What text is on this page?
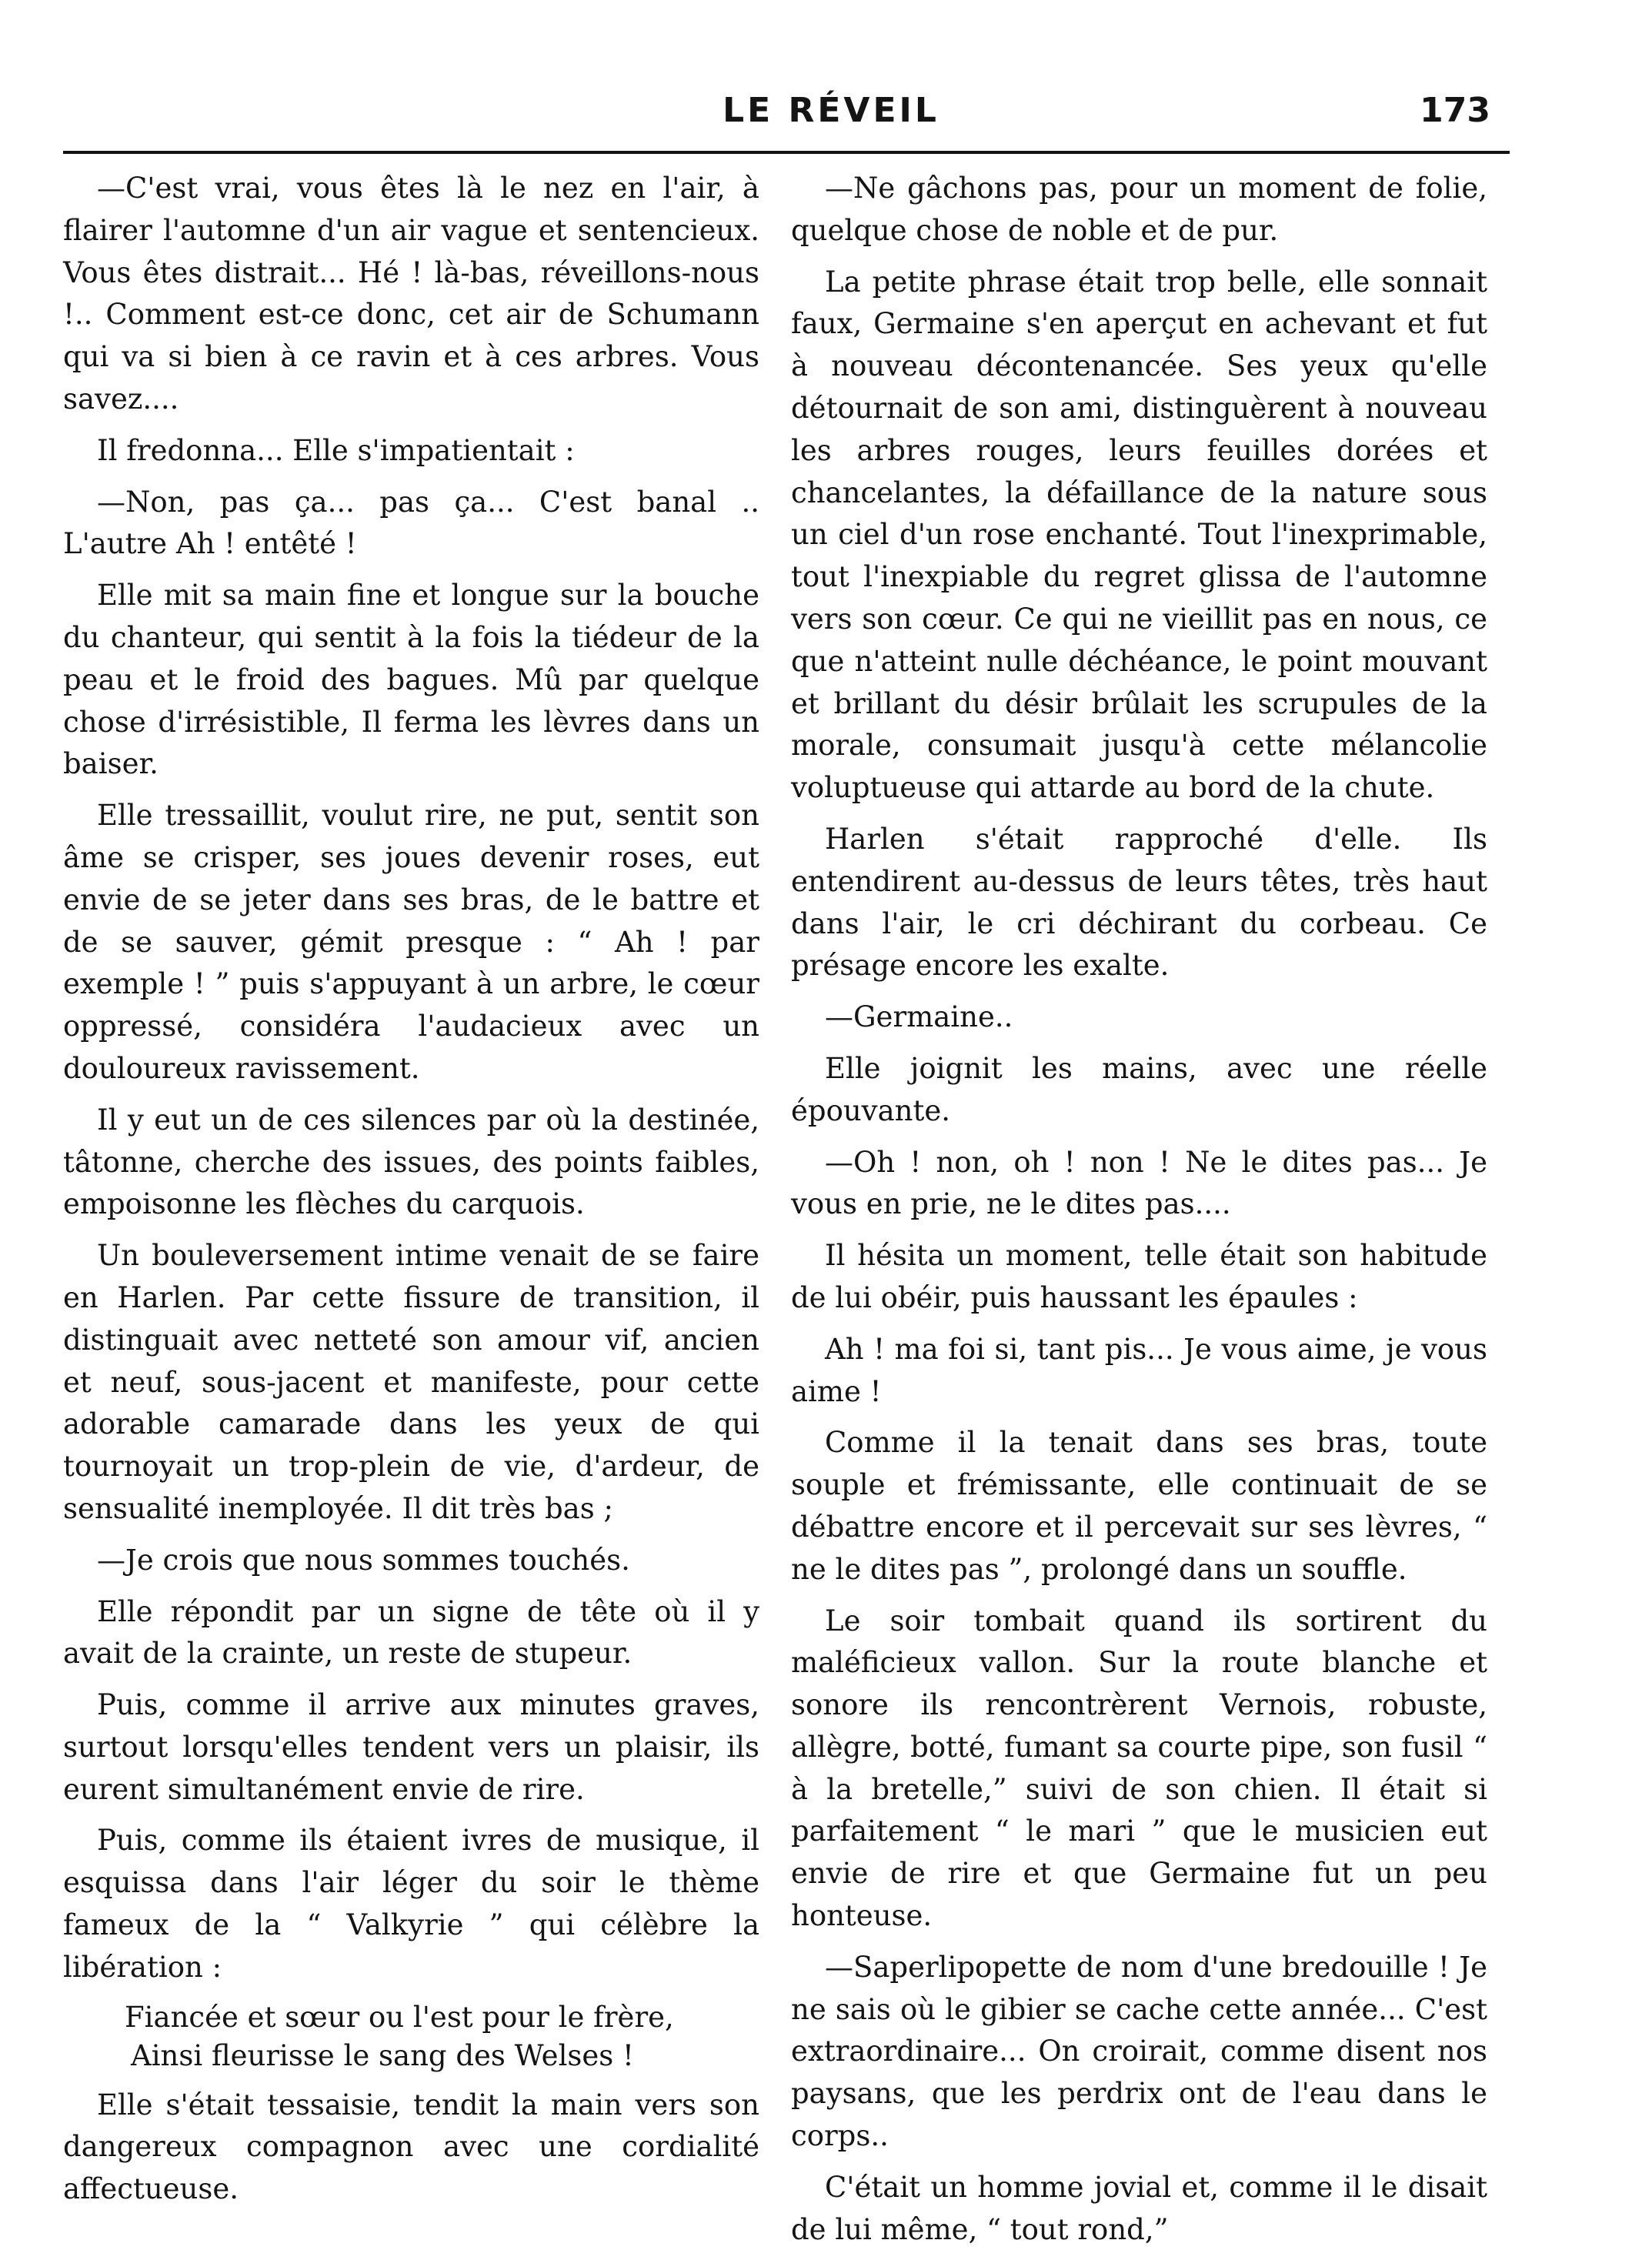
LE RÉVEIL	173

—C'est vrai, vous êtes là le nez en l'air, à flairer l'automne d'un air vague et sentencieux. Vous êtes distrait... Hé ! là-bas, réveillons-nous !.. Comment est-ce donc, cet air de Schumann qui va si bien à ce ravin et à ces arbres. Vous savez....

Il fredonna... Elle s'impatientait :

—Non, pas ça... pas ça... C'est banal .. L'autre Ah ! entêté !

Elle mit sa main fine et longue sur la bouche du chanteur, qui sentit à la fois la tiédeur de la peau et le froid des bagues. Mû par quelque chose d'irrésistible, Il ferma les lèvres dans un baiser.

Elle tressaillit, voulut rire, ne put, sentit son âme se crisper, ses joues devenir roses, eut envie de se jeter dans ses bras, de le battre et de se sauver, gémit presque : “ Ah ! par exemple ! ” puis s'appuyant à un arbre, le cœur oppressé, considéra l'audacieux avec un douloureux ravissement.

Il y eut un de ces silences par où la destinée, tâtonne, cherche des issues, des points faibles, empoisonne les flèches du carquois.

Un bouleversement intime venait de se faire en Harlen. Par cette fissure de transition, il distinguait avec netteté son amour vif, ancien et neuf, sous-jacent et manifeste, pour cette adorable camarade dans les yeux de qui tournoyait un trop-plein de vie, d'ardeur, de sensualité inemployée. Il dit très bas ;

—Je crois que nous sommes touchés.

Elle répondit par un signe de tête où il y avait de la crainte, un reste de stupeur.

Puis, comme il arrive aux minutes graves, surtout lorsqu'elles tendent vers un plaisir, ils eurent simultanément envie de rire.

Puis, comme ils étaient ivres de musique, il esquissa dans l'air léger du soir le thème fameux de la “ Valkyrie ” qui célèbre la libération :

Fiancée et sœur ou l'est pour le frère,
Ainsi fleurisse le sang des Welses !

Elle s'était tessaisie, tendit la main vers son dangereux compagnon avec une cordialité affectueuse.

—Ne gâchons pas, pour un moment de folie, quelque chose de noble et de pur.

La petite phrase était trop belle, elle sonnait faux, Germaine s'en aperçut en achevant et fut à nouveau décontenancée. Ses yeux qu'elle détournait de son ami, distinguèrent à nouveau les arbres rouges, leurs feuilles dorées et chancelantes, la défaillance de la nature sous un ciel d'un rose enchanté. Tout l'inexprimable, tout l'inexpiable du regret glissa de l'automne vers son cœur. Ce qui ne vieillit pas en nous, ce que n'atteint nulle déchéance, le point mouvant et brillant du désir brûlait les scrupules de la morale, consumait jusqu'à cette mélancolie voluptueuse qui attarde au bord de la chute.

Harlen s'était rapproché d'elle. Ils entendirent au-dessus de leurs têtes, très haut dans l'air, le cri déchirant du corbeau. Ce présage encore les exalte.

—Germaine..

Elle joignit les mains, avec une réelle épouvante.

—Oh ! non, oh ! non ! Ne le dites pas... Je vous en prie, ne le dites pas....

Il hésita un moment, telle était son habitude de lui obéir, puis haussant les épaules :

Ah ! ma foi si, tant pis... Je vous aime, je vous aime !

Comme il la tenait dans ses bras, toute souple et frémissante, elle continuait de se débattre encore et il percevait sur ses lèvres, “ ne le dites pas ”, prolongé dans un souffle.

Le soir tombait quand ils sortirent du maléficieux vallon. Sur la route blanche et sonore ils rencontrèrent Vernois, robuste, allègre, botté, fumant sa courte pipe, son fusil “ à la bretelle,” suivi de son chien. Il était si parfaitement “ le mari ” que le musicien eut envie de rire et que Germaine fut un peu honteuse.

—Saperlipopette de nom d'une bredouille ! Je ne sais où le gibier se cache cette année... C'est extraordinaire... On croirait, comme disent nos paysans, que les perdrix ont de l'eau dans le corps..

C'était un homme jovial et, comme il le disait de lui même, “ tout rond,”
